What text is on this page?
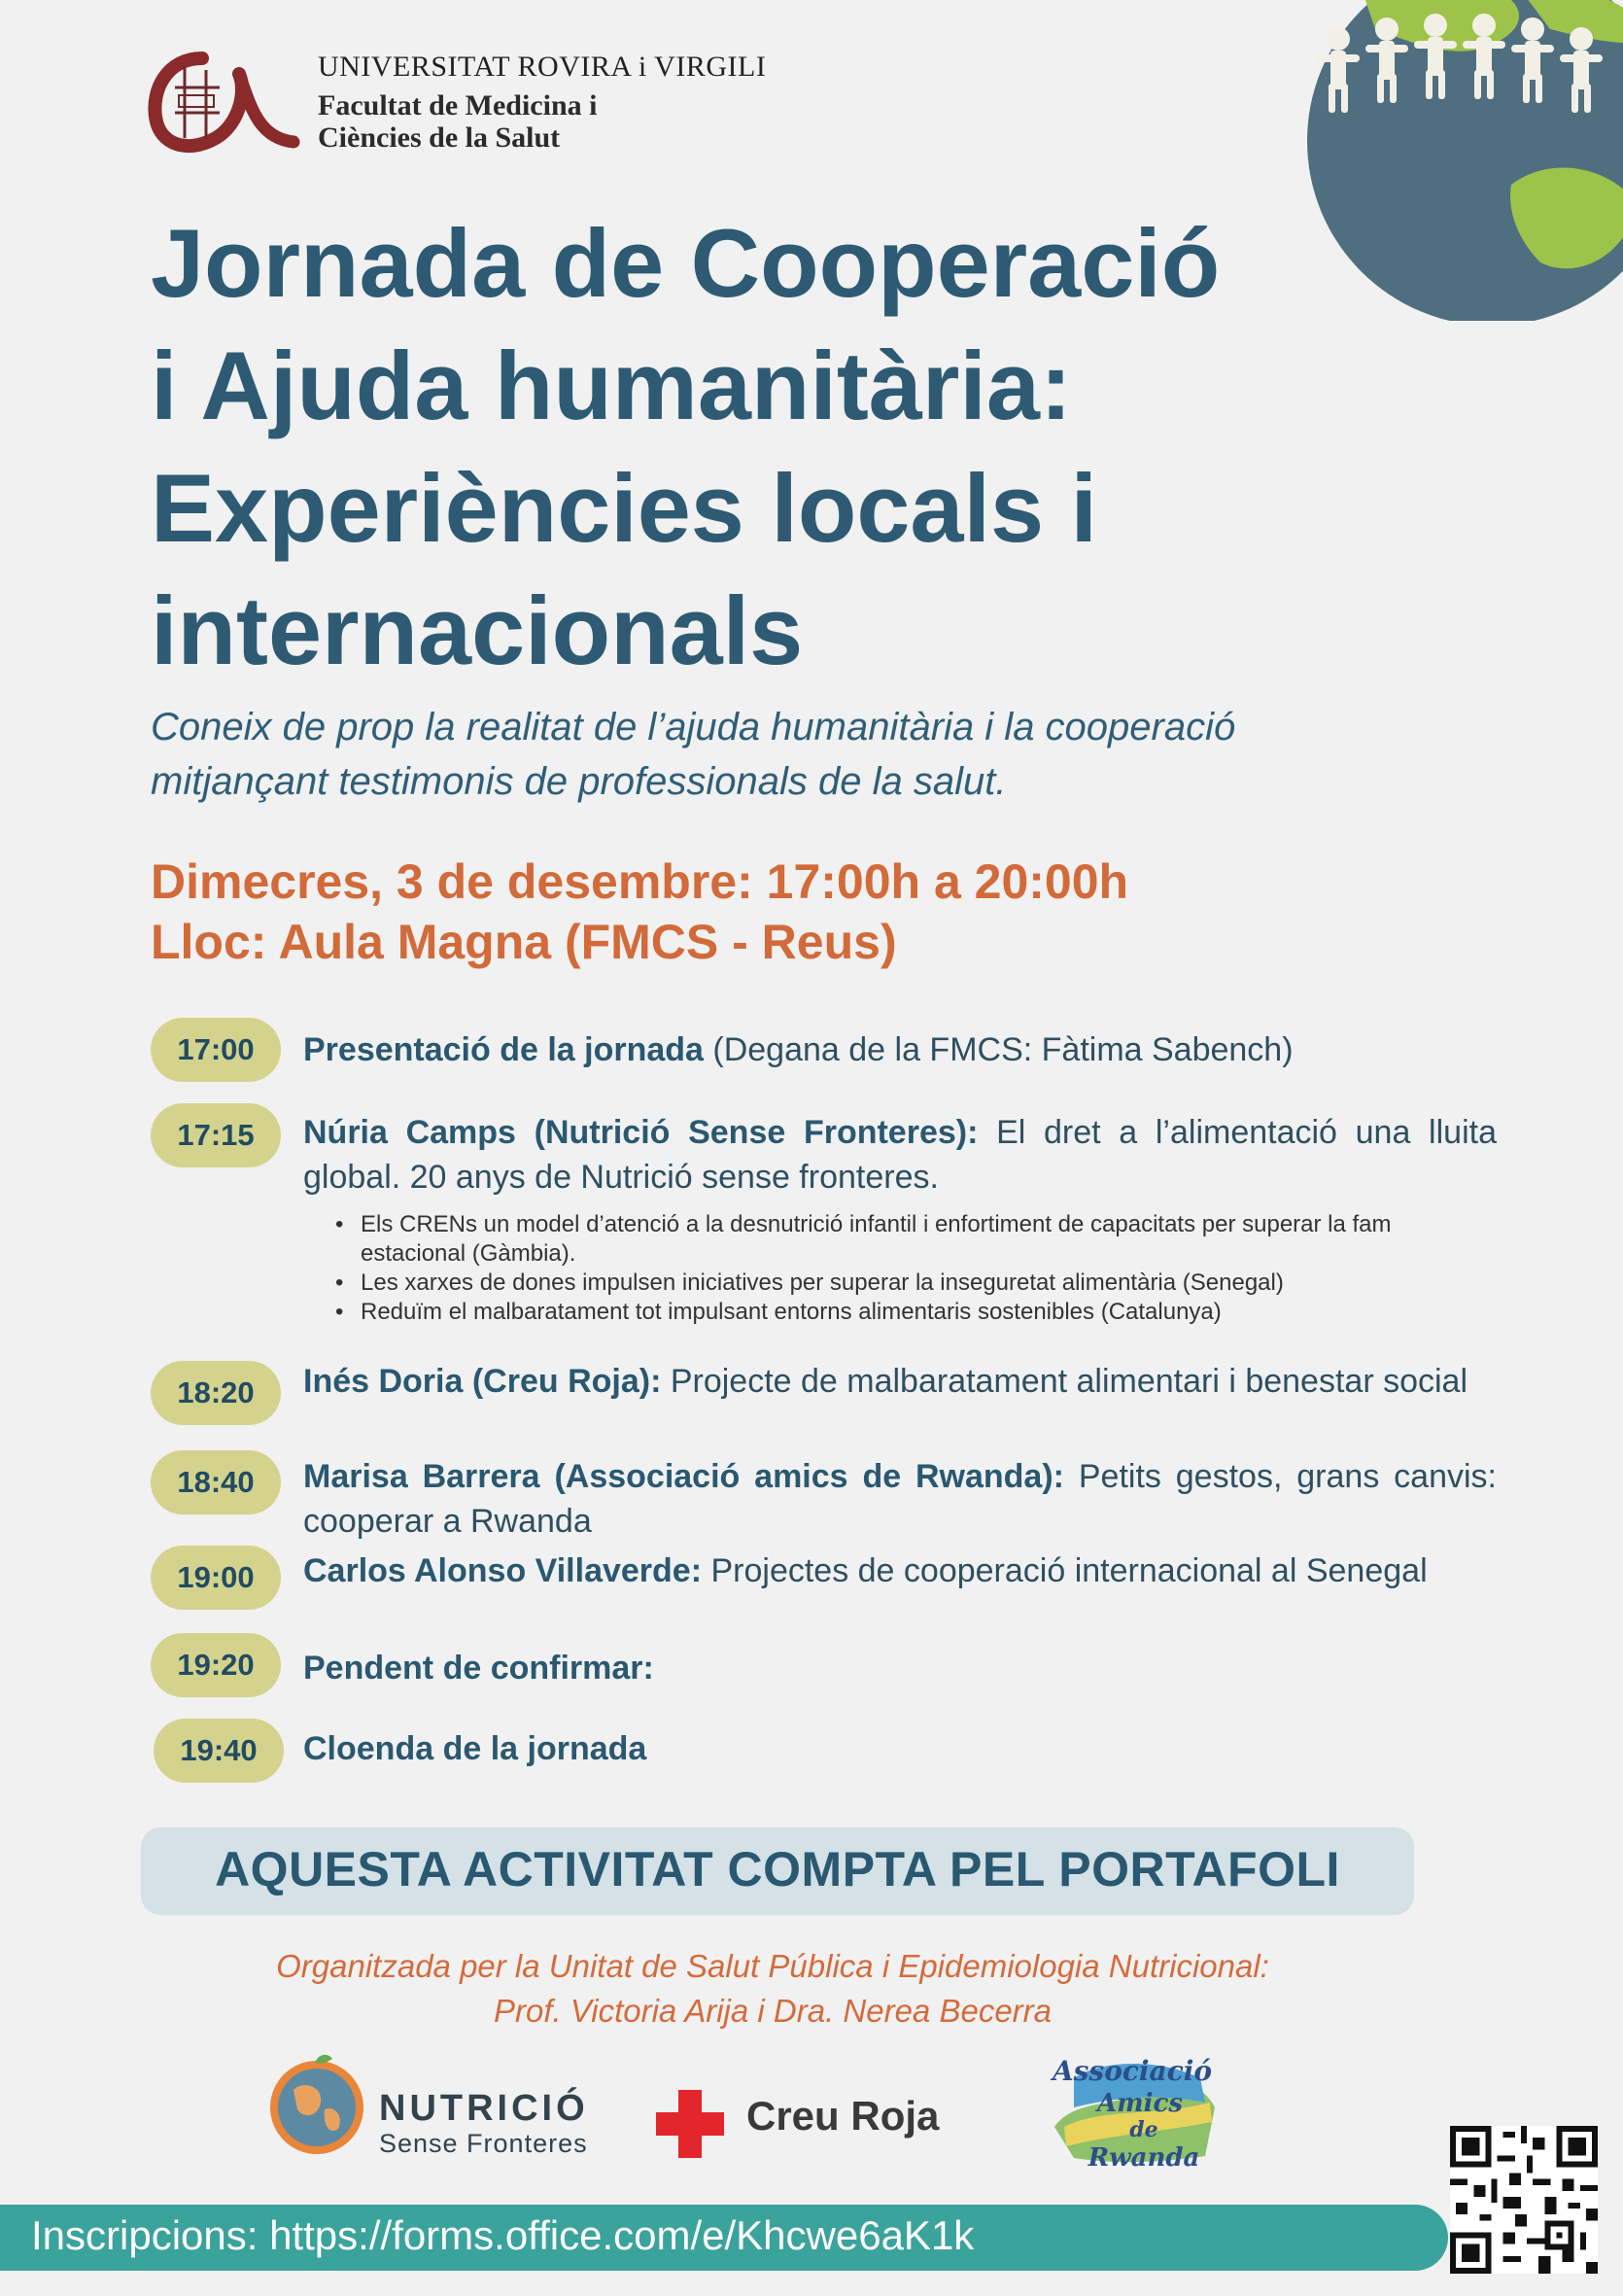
UNIVERSITAT ROVIRA i VIRGILI
Facultat de Medicina i
Ciències de la Salut
Jornada de Cooperació
i Ajuda humanitària:
Experiències locals i
internacionals
Coneix de prop la realitat de l’ajuda humanitària i la cooperació
mitjançant testimonis de professionals de la salut.
Dimecres, 3 de desembre: 17:00h a 20:00h
Lloc: Aula Magna (FMCS - Reus)
17:00	Presentació de la jornada (Degana de la FMCS: Fàtima Sabench)
17:15	Núria Camps (Nutrició Sense Fronteres): El dret a l’alimentació una lluita global. 20 anys de Nutrició sense fronteres.
• Els CRENs un model d’atenció a la desnutrició infantil i enfortiment de capacitats per superar la fam estacional (Gàmbia).
• Les xarxes de dones impulsen iniciatives per superar la inseguretat alimentària (Senegal)
• Reduïm el malbaratament tot impulsant entorns alimentaris sostenibles (Catalunya)
18:20	Inés Doria (Creu Roja): Projecte de malbaratament alimentari i benestar social
18:40	Marisa Barrera (Associació amics de Rwanda): Petits gestos, grans canvis: cooperar a Rwanda
19:00	Carlos Alonso Villaverde: Projectes de cooperació internacional al Senegal
19:20	Pendent de confirmar:
19:40	Cloenda de la jornada
AQUESTA ACTIVITAT COMPTA PEL PORTAFOLI
Organitzada per la Unitat de Salut Pública i Epidemiologia Nutricional:
Prof. Victoria Arija i Dra. Nerea Becerra
NUTRICIÓ
Sense Fronteres
Creu Roja
Associació
Amics
de
Rwanda
Inscripcions: https://forms.office.com/e/Khcwe6aK1k
